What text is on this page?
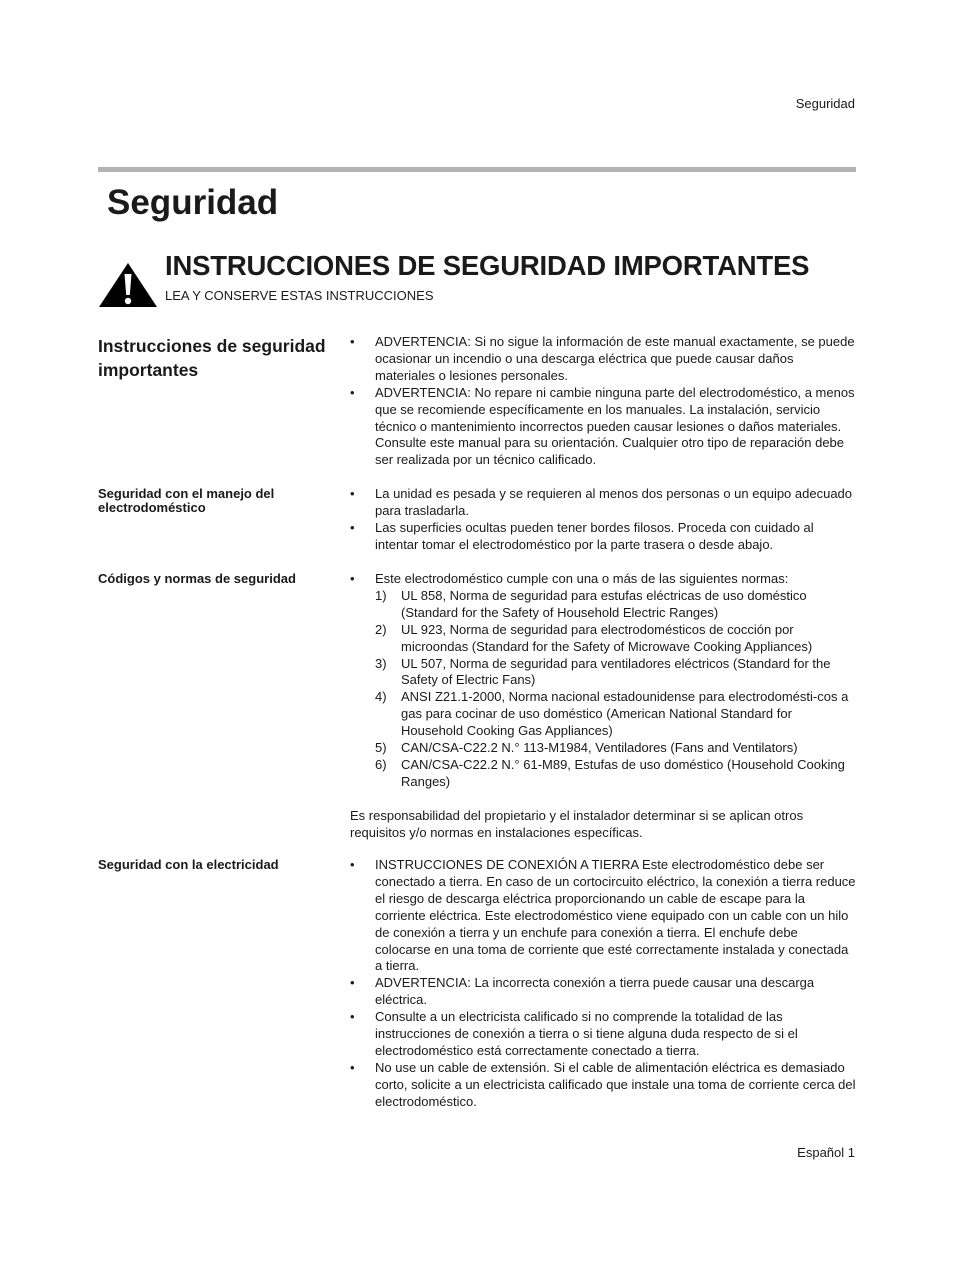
Seguridad
Seguridad
INSTRUCCIONES DE SEGURIDAD IMPORTANTES
LEA Y CONSERVE ESTAS INSTRUCCIONES
Instrucciones de seguridad importantes
• ADVERTENCIA: Si no sigue la información de este manual exactamente, se puede ocasionar un incendio o una descarga eléctrica que puede causar daños materiales o lesiones personales.
• ADVERTENCIA: No repare ni cambie ninguna parte del electrodoméstico, a menos que se recomiende específicamente en los manuales. La instalación, servicio técnico o mantenimiento incorrectos pueden causar lesiones o daños materiales. Consulte este manual para su orientación. Cualquier otro tipo de reparación debe ser realizada por un técnico calificado.
Seguridad con el manejo del electrodoméstico
• La unidad es pesada y se requieren al menos dos personas o un equipo adecuado para trasladarla.
• Las superficies ocultas pueden tener bordes filosos. Proceda con cuidado al intentar tomar el electrodoméstico por la parte trasera o desde abajo.
Códigos y normas de seguridad	• Este electrodoméstico cumple con una o más de las siguientes normas:
1) UL 858, Norma de seguridad para estufas eléctricas de uso doméstico (Standard for the Safety of Household Electric Ranges)
2) UL 923, Norma de seguridad para electrodomésticos de cocción por microondas (Standard for the Safety of Microwave Cooking Appliances)
3) UL 507, Norma de seguridad para ventiladores eléctricos (Standard for the Safety of Electric Fans)
4) ANSI Z21.1-2000, Norma nacional estadounidense para electrodomésti-cos a gas para cocinar de uso doméstico (American National Standard for Household Cooking Gas Appliances)
5) CAN/CSA-C22.2 N.° 113-M1984, Ventiladores (Fans and Ventilators)
6) CAN/CSA-C22.2 N.° 61-M89, Estufas de uso doméstico (Household Cooking Ranges)

Es responsabilidad del propietario y el instalador determinar si se aplican otros requisitos y/o normas en instalaciones específicas.

Seguridad con la electricidad	• INSTRUCCIONES DE CONEXIÓN A TIERRA Este electrodoméstico debe ser conectado a tierra. En caso de un cortocircuito eléctrico, la conexión a tierra reduce el riesgo de descarga eléctrica proporcionando un cable de escape para la corriente eléctrica. Este electrodoméstico viene equipado con un cable con un hilo de conexión a tierra y un enchufe para conexión a tierra. El enchufe debe colocarse en una toma de corriente que esté correctamente instalada y conectada a tierra.
• ADVERTENCIA: La incorrecta conexión a tierra puede causar una descarga eléctrica.
• Consulte a un electricista calificado si no comprende la totalidad de las instrucciones de conexión a tierra o si tiene alguna duda respecto de si el electrodoméstico está correctamente conectado a tierra.
• No use un cable de extensión. Si el cable de alimentación eléctrica es demasiado corto, solicite a un electricista calificado que instale una toma de corriente cerca del electrodoméstico.
Español 1
